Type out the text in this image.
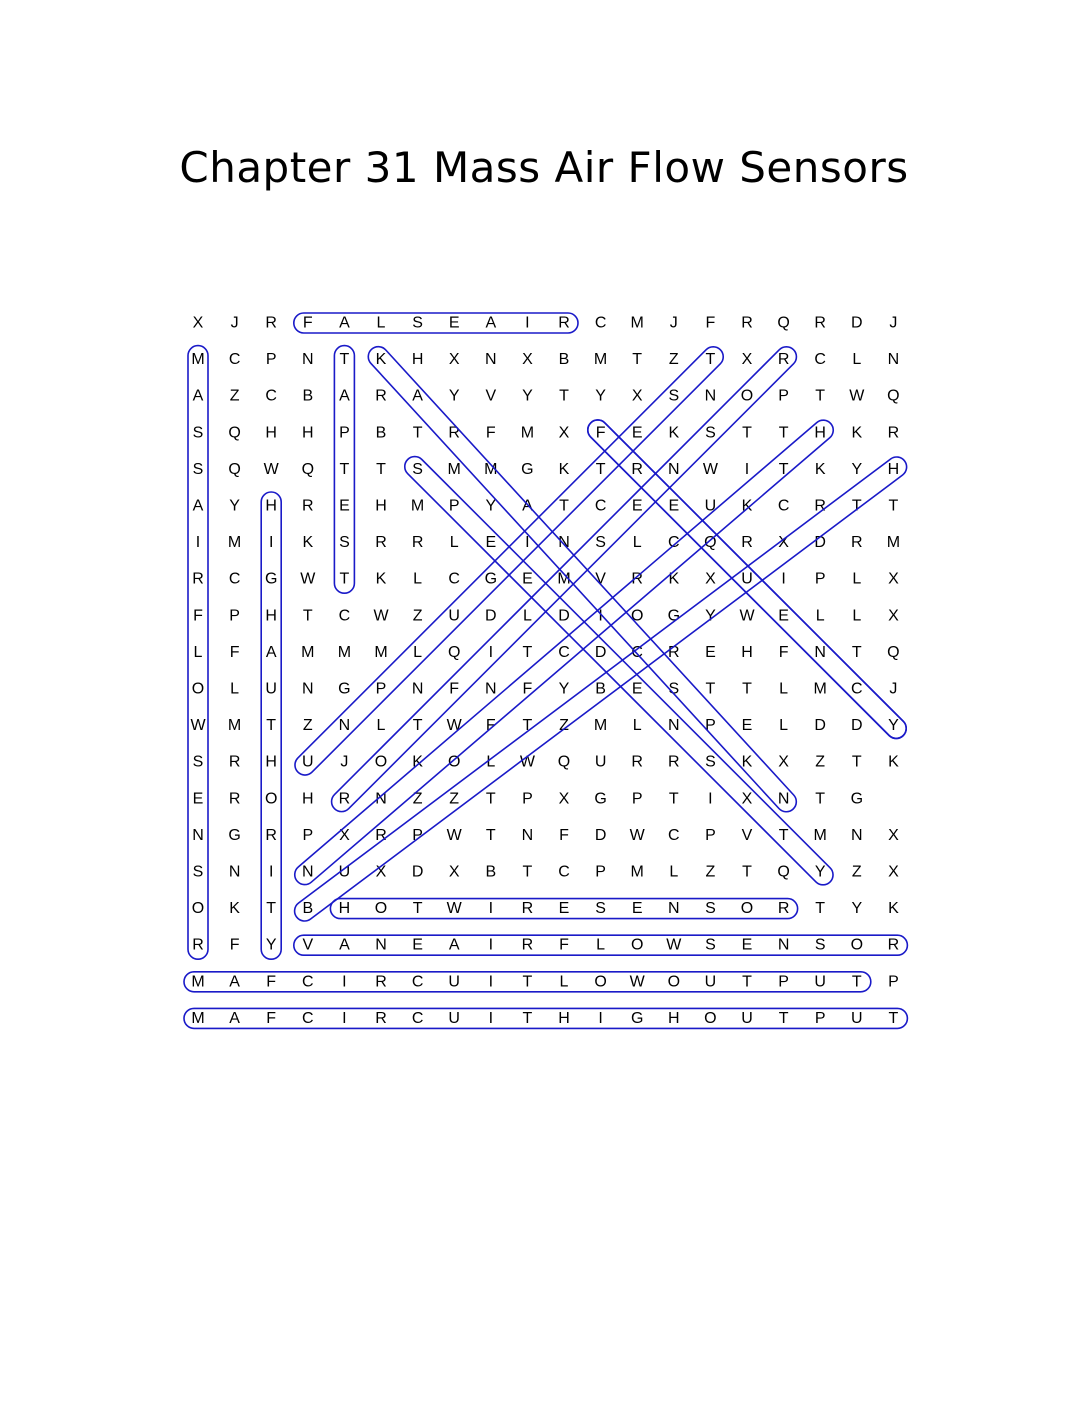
Chapter 31 Mass Air Flow Sensors
X J R F A L S E A I R C M J F R Q R D J
M C P N T K H X N X B M T Z T X R C L N
A Z C B A R A Y V Y T Y X S N O P T W Q
S Q H H P B T R F M X F E K S T T H K R
S Q W Q T T S M M G K T R N W I T K Y H
A Y H R E H M P Y A T C E E U K C R T T
I M I K S R R L E I N S L C Q R X D R M
R C G W T K L C G E M V R K X U I P L X
F P H T C W Z U D L D I O G Y W E L L X
L F A M M M L Q I T C D C R E H F N T Q
O L U N G P N F N F Y B E S T T L M C J
W M T Z N L T W F T Z M L N P E L D D Y
S R H U J O K O L W Q U R R S K X Z T K
E R O H R N Z Z T P X G P T I X N T G
N G R P X R P W T N F D W C P V T M N X
S N I N U X D X B T C P M L Z T Q Y Z X
O K T B H O T W I R E S E N S O R T Y K
R F Y V A N E A I R F L O W S E N S O R
M A F C I R C U I T L O W O U T P U T P
M A F C I R C U I T H I G H O U T P U T
